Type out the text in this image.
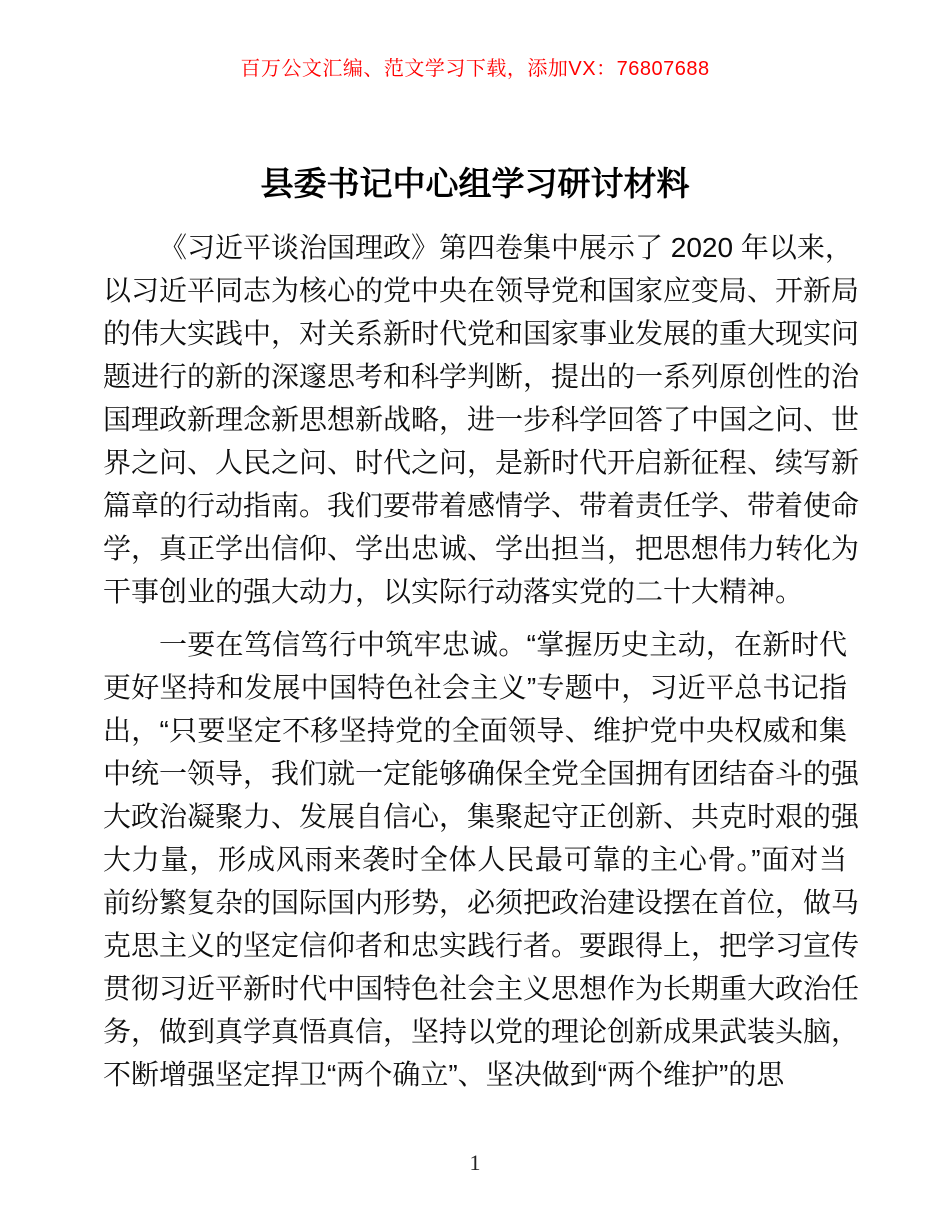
百万公文汇编、范文学习下载，添加VX：76807688
县委书记中心组学习研讨材料
《习近平谈治国理政》第四卷集中展示了 2020 年以来，
以习近平同志为核心的党中央在领导党和国家应变局、开新局
的伟大实践中，对关系新时代党和国家事业发展的重大现实问
题进行的新的深邃思考和科学判断，提出的一系列原创性的治
国理政新理念新思想新战略，进一步科学回答了中国之问、世
界之问、人民之问、时代之问，是新时代开启新征程、续写新
篇章的行动指南。我们要带着感情学、带着责任学、带着使命
学，真正学出信仰、学出忠诚、学出担当，把思想伟力转化为
干事创业的强大动力，以实际行动落实党的二十大精神。
一要在笃信笃行中筑牢忠诚。“掌握历史主动，在新时代
更好坚持和发展中国特色社会主义”专题中，习近平总书记指
出，“只要坚定不移坚持党的全面领导、维护党中央权威和集
中统一领导，我们就一定能够确保全党全国拥有团结奋斗的强
大政治凝聚力、发展自信心，集聚起守正创新、共克时艰的强
大力量，形成风雨来袭时全体人民最可靠的主心骨。”面对当
前纷繁复杂的国际国内形势，必须把政治建设摆在首位，做马
克思主义的坚定信仰者和忠实践行者。要跟得上，把学习宣传
贯彻习近平新时代中国特色社会主义思想作为长期重大政治任
务，做到真学真悟真信，坚持以党的理论创新成果武装头脑，
不断增强坚定捍卫“两个确立”、坚决做到“两个维护”的思
1
